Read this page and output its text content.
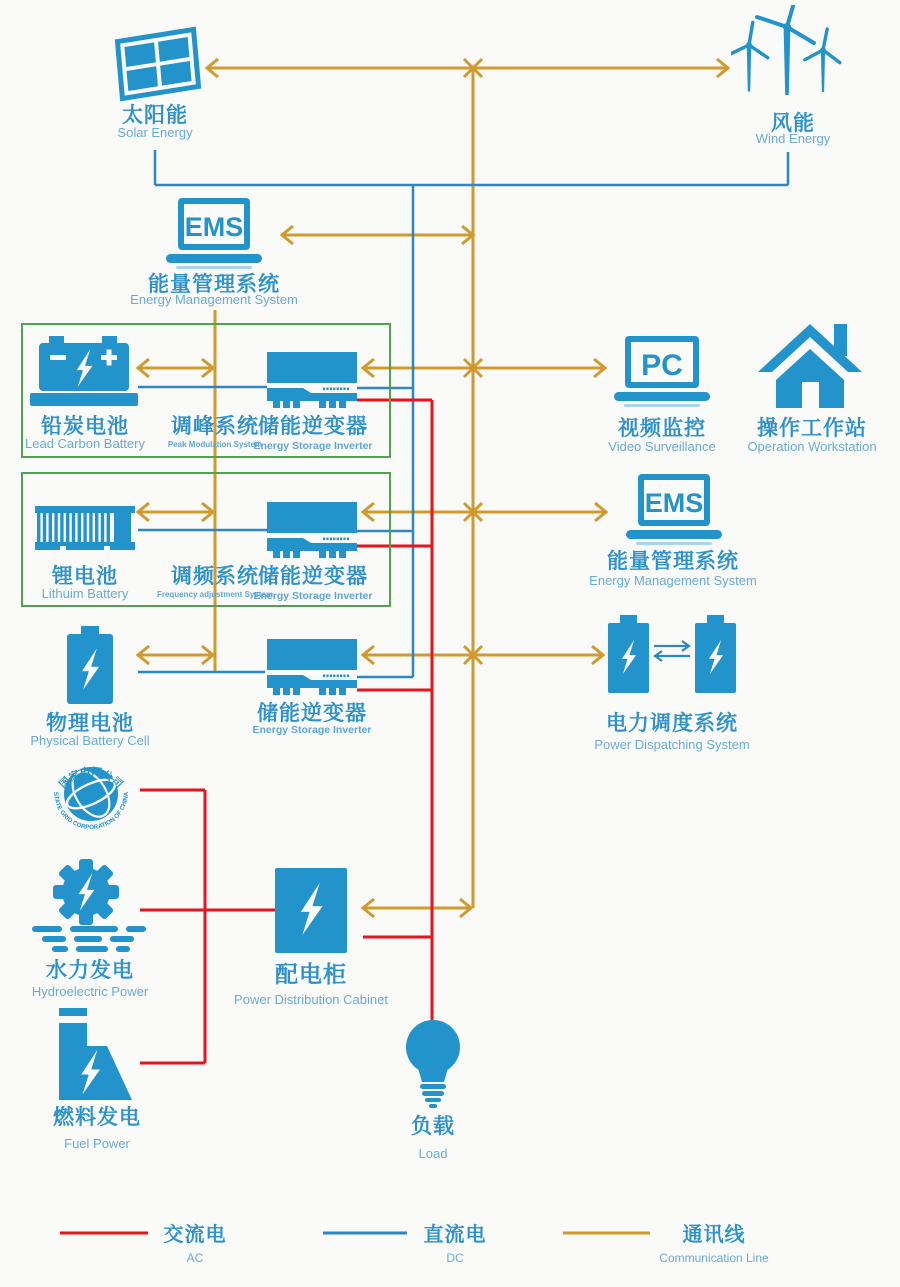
EMS
PC
EMS
国家电网公司
STATE GRID CORPORATION OF CHINA
太阳能
Solar Energy	风能
Wind Energy
能量管理系统
Energy Management System
铅炭电池
Lead Carbon Battery
调峰系统
Peak Modulation System
储能逆变器
Energy Storage Inverter
锂电池
Lithuim Battery
调频系统
Frequency adjustment System
储能逆变器
Energy Storage Inverter
物理电池
Physical Battery Cell
储能逆变器
Energy Storage Inverter
视频监控
Video Surveillance
操作工作站
Operation Workstation
能量管理系统
Energy Management System
电力调度系统
Power Dispatching System
水力发电
Hydroelectric Power
配电柜
Power Distribution Cabinet
燃料发电
Fuel Power
负载
Load
交流电
AC
直流电
DC
通讯线
Communication Line
